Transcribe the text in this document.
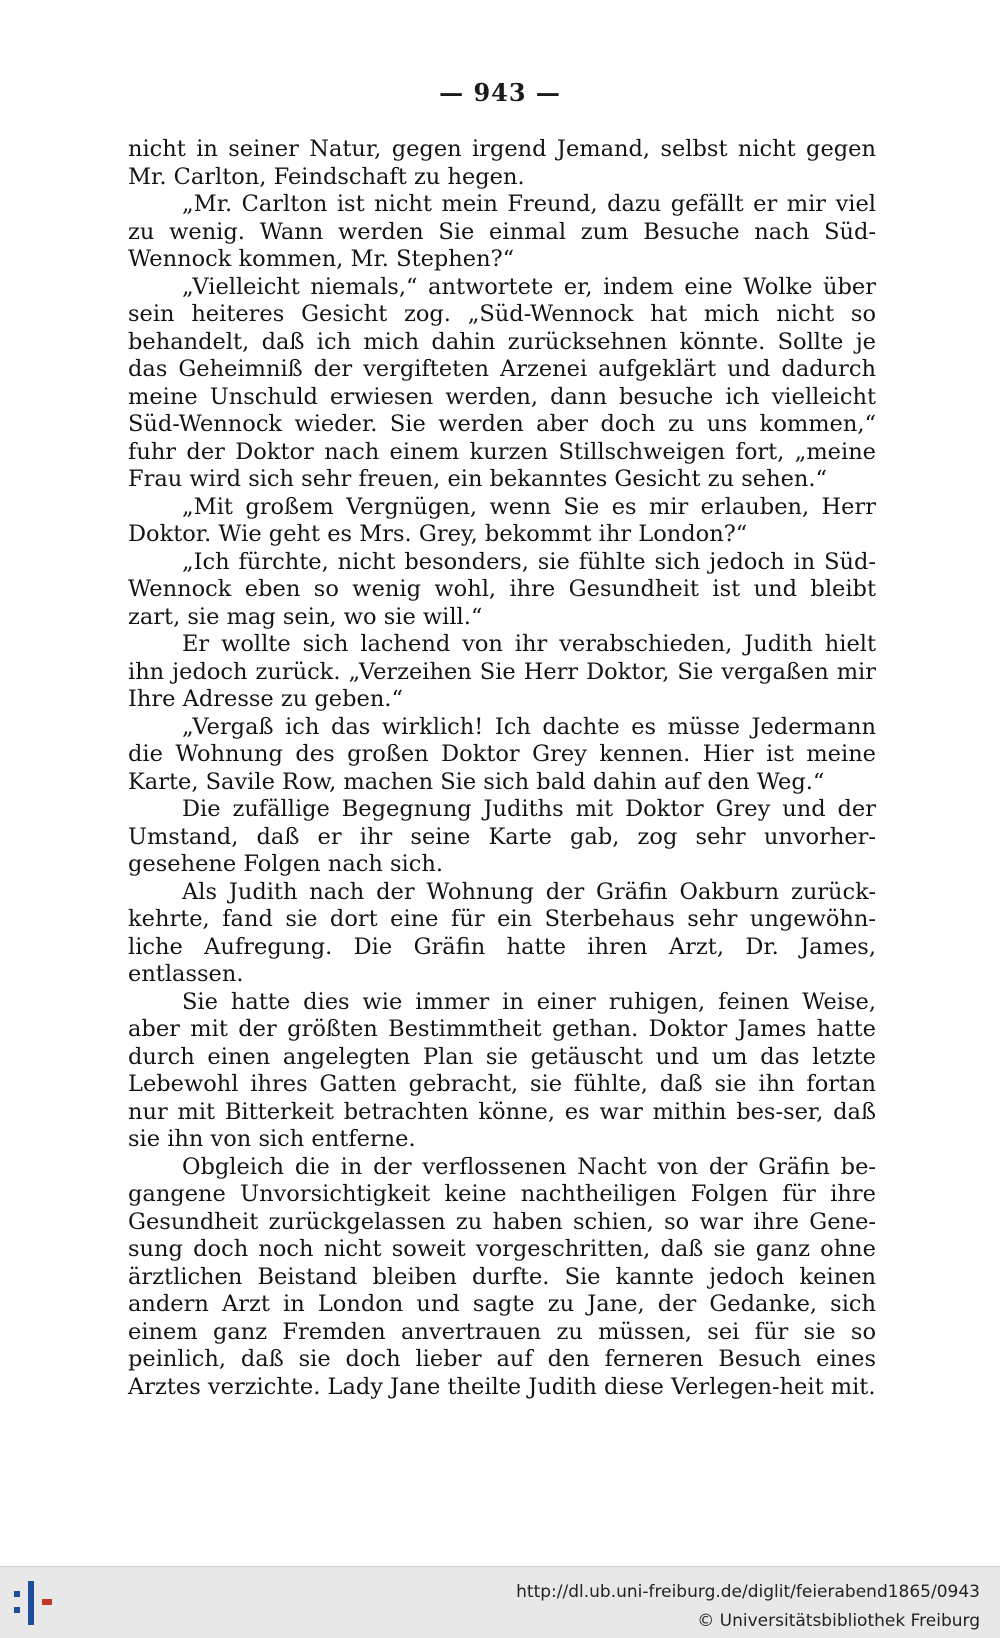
— 943 —

nicht in seiner Natur, gegen irgend Jemand, selbst nicht gegen Mr. Carlton, Feindschaft zu hegen.

„Mr. Carlton ist nicht mein Freund, dazu gefällt er mir viel zu wenig. Wann werden Sie einmal zum Besuche nach Süd-Wennock kommen, Mr. Stephen?“

„Vielleicht niemals,“ antwortete er, indem eine Wolke über sein heiteres Gesicht zog. „Süd-Wennock hat mich nicht so behandelt, daß ich mich dahin zurücksehnen könnte. Sollte je das Geheimniß der vergifteten Arzenei aufgeklärt und dadurch meine Unschuld erwiesen werden, dann besuche ich vielleicht Süd-Wennock wieder. Sie werden aber doch zu uns kommen,“ fuhr der Doktor nach einem kurzen Stillschweigen fort, „meine Frau wird sich sehr freuen, ein bekanntes Gesicht zu sehen.“

„Mit großem Vergnügen, wenn Sie es mir erlauben, Herr Doktor. Wie geht es Mrs. Grey, bekommt ihr London?“

„Ich fürchte, nicht besonders, sie fühlte sich jedoch in Süd-Wennock eben so wenig wohl, ihre Gesundheit ist und bleibt zart, sie mag sein, wo sie will.“

Er wollte sich lachend von ihr verabschieden, Judith hielt ihn jedoch zurück. „Verzeihen Sie Herr Doktor, Sie vergaßen mir Ihre Adresse zu geben.“

„Vergaß ich das wirklich! Ich dachte es müsse Jedermann die Wohnung des großen Doktor Grey kennen. Hier ist meine Karte, Savile Row, machen Sie sich bald dahin auf den Weg.“

Die zufällige Begegnung Judiths mit Doktor Grey und der Umstand, daß er ihr seine Karte gab, zog sehr unvorher-gesehene Folgen nach sich.

Als Judith nach der Wohnung der Gräfin Oakburn zurück-kehrte, fand sie dort eine für ein Sterbehaus sehr ungewöhn-liche Aufregung. Die Gräfin hatte ihren Arzt, Dr. James, entlassen.

Sie hatte dies wie immer in einer ruhigen, feinen Weise, aber mit der größten Bestimmtheit gethan. Doktor James hatte durch einen angelegten Plan sie getäuscht und um das letzte Lebewohl ihres Gatten gebracht, sie fühlte, daß sie ihn fortan nur mit Bitterkeit betrachten könne, es war mithin bes-ser, daß sie ihn von sich entferne.

Obgleich die in der verflossenen Nacht von der Gräfin be-gangene Unvorsichtigkeit keine nachtheiligen Folgen für ihre Gesundheit zurückgelassen zu haben schien, so war ihre Gene-sung doch noch nicht soweit vorgeschritten, daß sie ganz ohne ärztlichen Beistand bleiben durfte. Sie kannte jedoch keinen andern Arzt in London und sagte zu Jane, der Gedanke, sich einem ganz Fremden anvertrauen zu müssen, sei für sie so peinlich, daß sie doch lieber auf den ferneren Besuch eines Arztes verzichte. Lady Jane theilte Judith diese Verlegen-heit mit.

http://dl.ub.uni-freiburg.de/diglit/feierabend1865/0943
© Universitätsbibliothek Freiburg
